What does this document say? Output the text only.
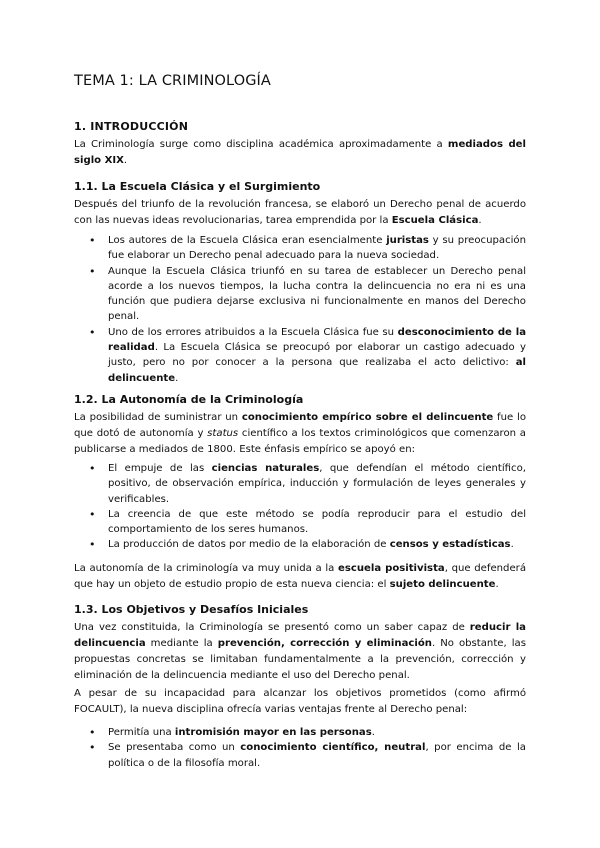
TEMA 1: LA CRIMINOLOGÍA
1. INTRODUCCIÓN

La Criminología surge como disciplina académica aproximadamente a mediados del siglo XIX.

1.1. La Escuela Clásica y el Surgimiento

Después del triunfo de la revolución francesa, se elaboró un Derecho penal de acuerdo con las nuevas ideas revolucionarias, tarea emprendida por la Escuela Clásica.

• Los autores de la Escuela Clásica eran esencialmente juristas y su preocupación fue elaborar un Derecho penal adecuado para la nueva sociedad.
• Aunque la Escuela Clásica triunfó en su tarea de establecer un Derecho penal acorde a los nuevos tiempos, la lucha contra la delincuencia no era ni es una función que pudiera dejarse exclusiva ni funcionalmente en manos del Derecho penal.
• Uno de los errores atribuidos a la Escuela Clásica fue su desconocimiento de la realidad. La Escuela Clásica se preocupó por elaborar un castigo adecuado y justo, pero no por conocer a la persona que realizaba el acto delictivo: al delincuente.
1.2. La Autonomía de la Criminología

La posibilidad de suministrar un conocimiento empírico sobre el delincuente fue lo que dotó de autonomía y status científico a los textos criminológicos que comenzaron a publicarse a mediados de 1800. Este énfasis empírico se apoyó en:

• El empuje de las ciencias naturales, que defendían el método científico, positivo, de observación empírica, inducción y formulación de leyes generales y verificables.
• La creencia de que este método se podía reproducir para el estudio del comportamiento de los seres humanos.
• La producción de datos por medio de la elaboración de censos y estadísticas.

La autonomía de la criminología va muy unida a la escuela positivista, que defenderá que hay un objeto de estudio propio de esta nueva ciencia: el sujeto delincuente.

1.3. Los Objetivos y Desafíos Iniciales

Una vez constituida, la Criminología se presentó como un saber capaz de reducir la delincuencia mediante la prevención, corrección y eliminación. No obstante, las propuestas concretas se limitaban fundamentalmente a la prevención, corrección y eliminación de la delincuencia mediante el uso del Derecho penal.

A pesar de su incapacidad para alcanzar los objetivos prometidos (como afirmó FOCAULT), la nueva disciplina ofrecía varias ventajas frente al Derecho penal:

• Permitía una intromisión mayor en las personas.
• Se presentaba como un conocimiento científico, neutral, por encima de la política o de la filosofía moral.
